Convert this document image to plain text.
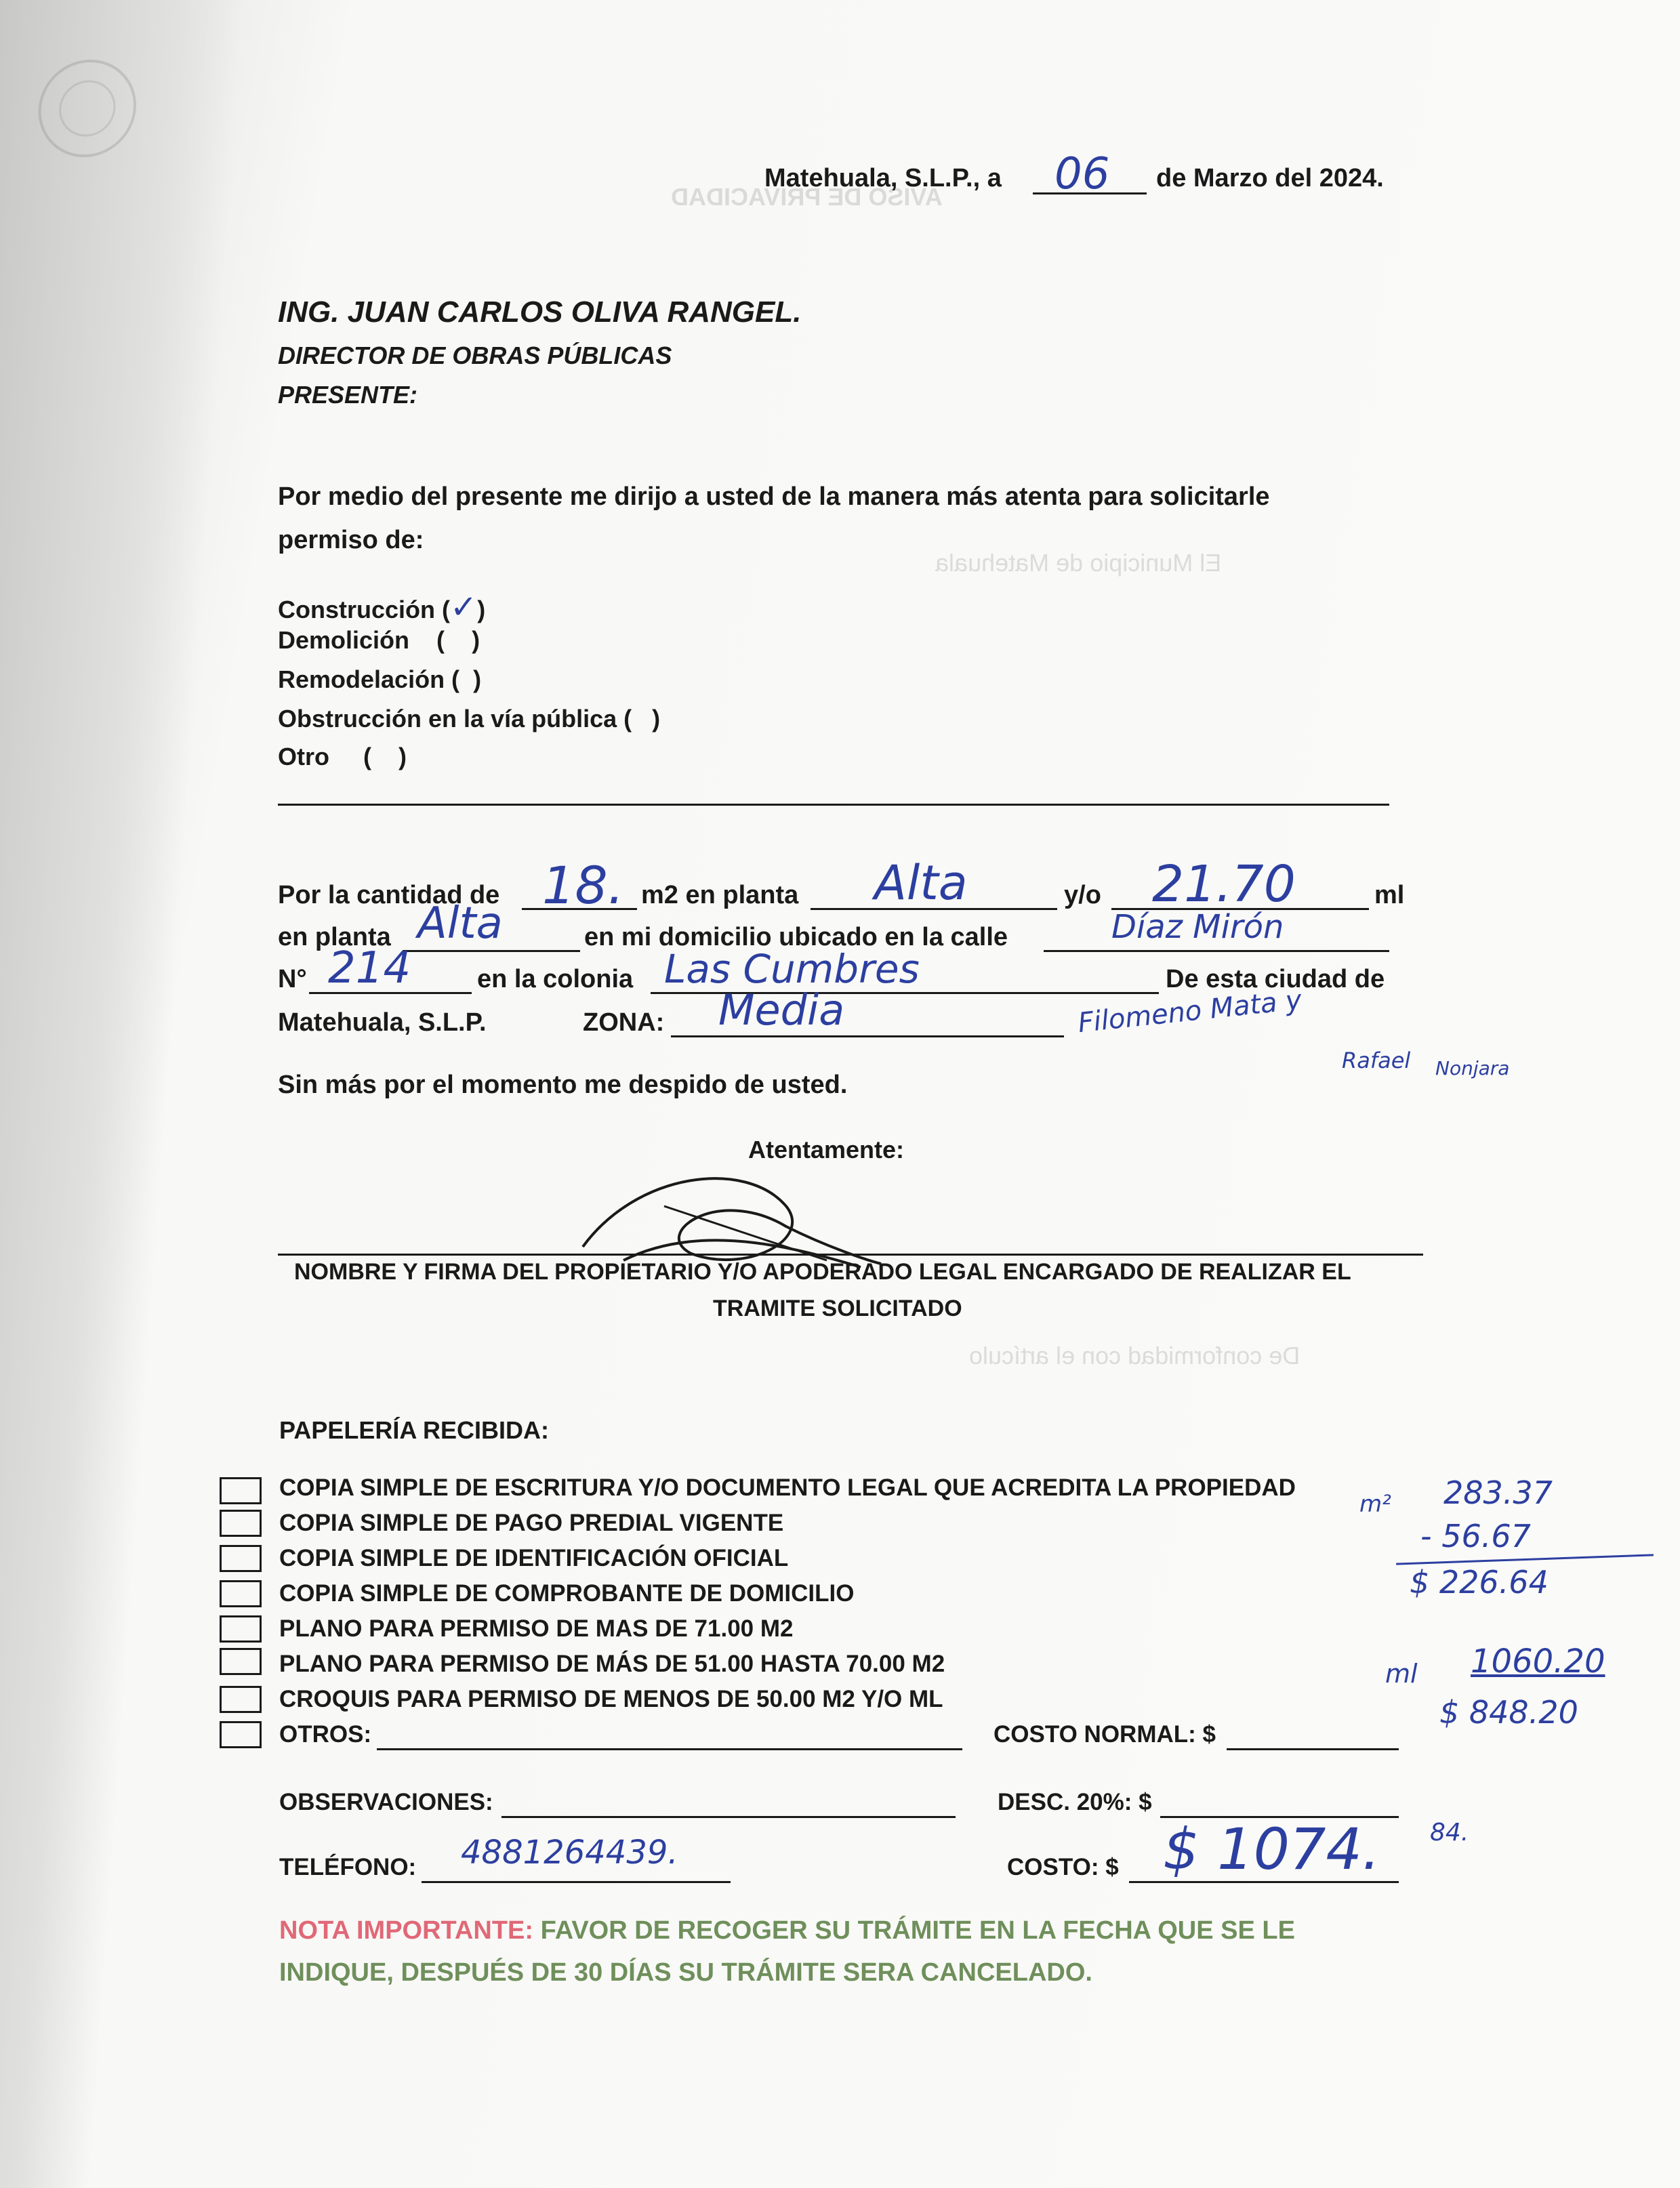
AVISO DE PRIVACIDAD
El Municipio de Matehuala
De conformidad con el artículo
Matehuala, S.L.P., a 06 de Marzo del 2024.
ING. JUAN CARLOS OLIVA RANGEL.
DIRECTOR DE OBRAS PÚBLICAS
PRESENTE:
Por medio del presente me dirijo a usted de la manera más atenta para solicitarle
permiso de:
Construcción (✓)
Demolición ( )
Remodelación ( )
Obstrucción en la vía pública ( )
Otro ( )
Por la cantidad de 18. m2 en planta Alta	y/o 21.70	ml
en planta Alta	en mi domicilio ubicado en la calle	Díaz Mirón
N° 214	en la colonia Las Cumbres	De esta ciudad de
Matehuala, S.L.P.	ZONA: Media	Filomeno Mata y
Rafael Nonjara
Sin más por el momento me despido de usted.
Atentamente:
NOMBRE Y FIRMA DEL PROPIETARIO Y/O APODERADO LEGAL ENCARGADO DE REALIZAR EL
TRAMITE SOLICITADO
PAPELERÍA RECIBIDA:
COPIA SIMPLE DE ESCRITURA Y/O DOCUMENTO LEGAL QUE ACREDITA LA PROPIEDAD
COPIA SIMPLE DE PAGO PREDIAL VIGENTE
COPIA SIMPLE DE IDENTIFICACIÓN OFICIAL
COPIA SIMPLE DE COMPROBANTE DE DOMICILIO
PLANO PARA PERMISO DE MAS DE 71.00 M2
PLANO PARA PERMISO DE MÁS DE 51.00 HASTA 70.00 M2
CROQUIS PARA PERMISO DE MENOS DE 50.00 M2 Y/O ML
OTROS:	COSTO NORMAL: $
OBSERVACIONES:	DESC. 20%: $
TELÉFONO: 4881264439.	COSTO: $ $ 1074. 84.
m² 283.37
- 56.67
$ 226.64
ml 1060.20
$ 848.20
NOTA IMPORTANTE: FAVOR DE RECOGER SU TRÁMITE EN LA FECHA QUE SE LE
INDIQUE, DESPUÉS DE 30 DÍAS SU TRÁMITE SERA CANCELADO.
